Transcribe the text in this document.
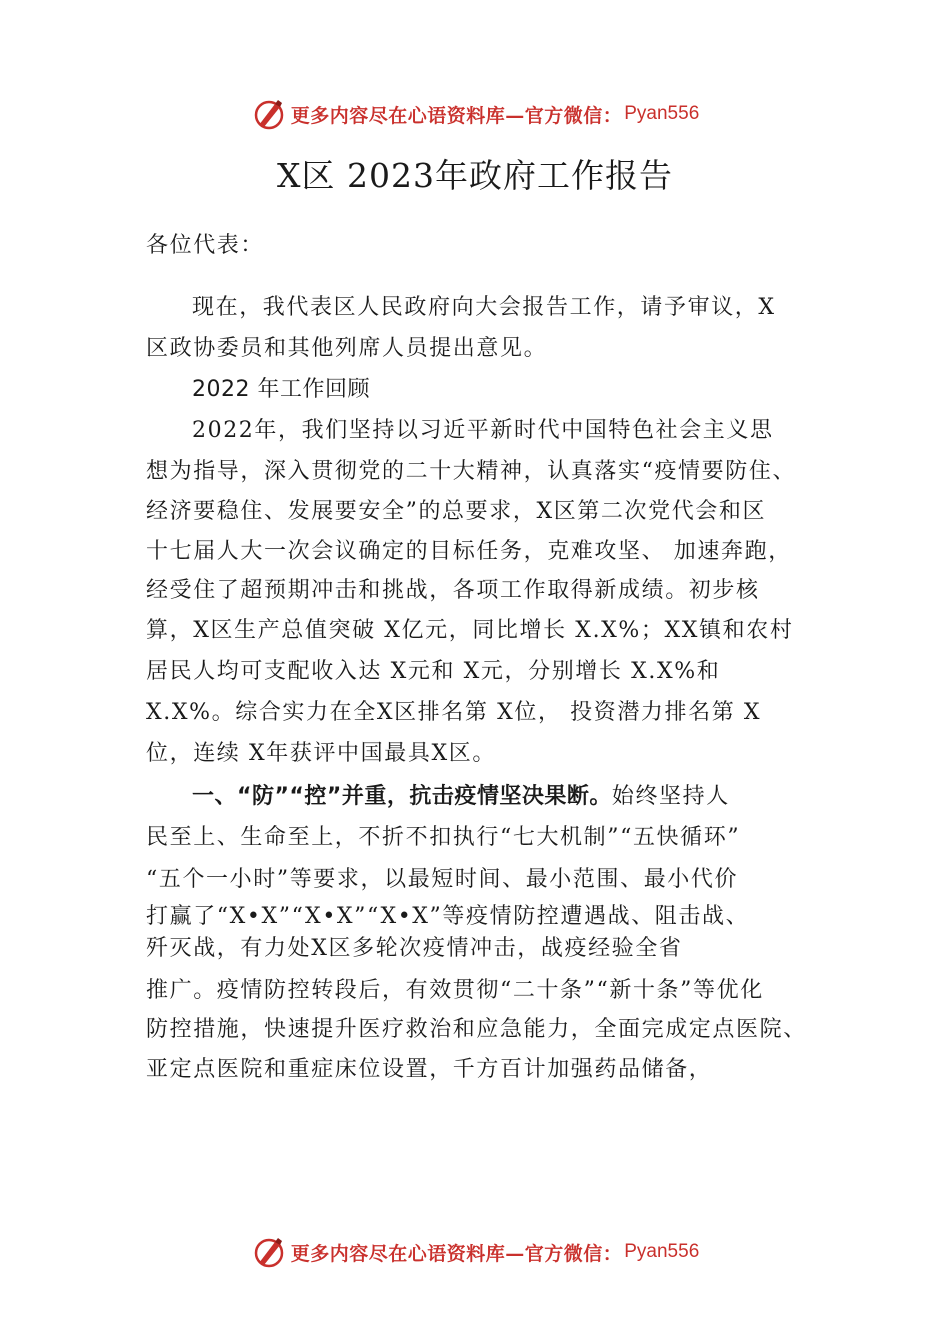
更多内容尽在心语资料库—官方微信： Pyan556
X区 2023年政府工作报告
各位代表：
现在，我代表区人民政府向大会报告工作，请予审议，X
区政协委员和其他列席人员提出意见。
2022 年工作回顾
2022年，我们坚持以习近平新时代中国特色社会主义思
想为指导，深入贯彻党的二十大精神，认真落实“疫情要防住、
经济要稳住、发展要安全”的总要求，X区第二次党代会和区
十七届人大一次会议确定的目标任务，克难攻坚、 加速奔跑，
经受住了超预期冲击和挑战，各项工作取得新成绩。初步核
算，X区生产总值突破 X亿元，同比增长 X.X%；XX镇和农村
居民人均可支配收入达 X元和 X元，分别增长 X.X%和
X.X%。综合实力在全X区排名第 X位， 投资潜力排名第 X
位，连续 X年获评中国最具X区。
一、“防”“控”并重，抗击疫情坚决果断。始终坚持人
民至上、生命至上，不折不扣执行“七大机制”“五快循环”
“五个一小时”等要求，以最短时间、最小范围、最小代价
打赢了“X•X”“X•X”“X•X”等疫情防控遭遇战、阻击战、
歼灭战，有力处X区多轮次疫情冲击，战疫经验全省
推广。疫情防控转段后，有效贯彻“二十条”“新十条”等优化
防控措施，快速提升医疗救治和应急能力，全面完成定点医院、
亚定点医院和重症床位设置，千方百计加强药品储备，
更多内容尽在心语资料库—官方微信： Pyan556
